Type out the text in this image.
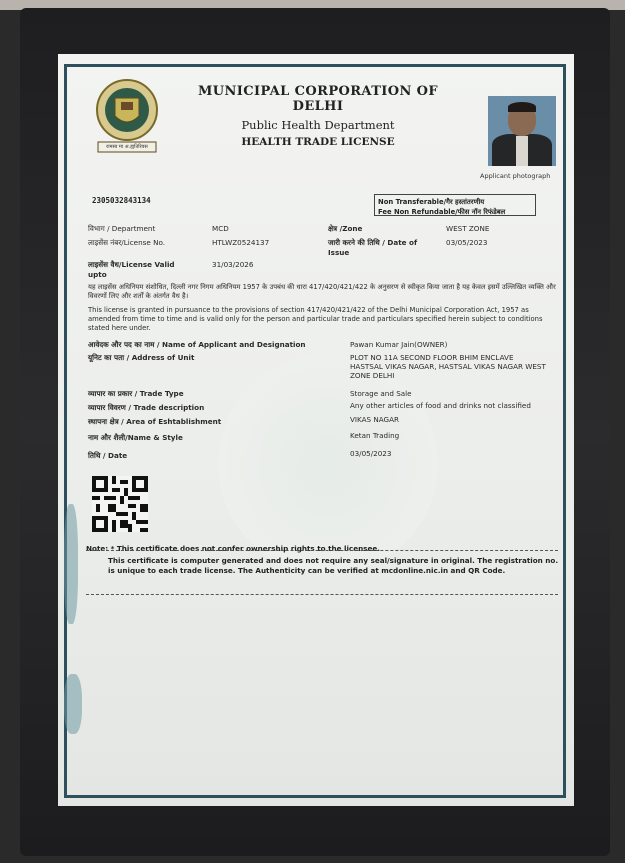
रामस्य मा अ.ह्यतिरिवस
MUNICIPAL CORPORATION OF DELHI
Public Health Department
HEALTH TRADE LICENSE
Applicant photograph
2305032843134	Non Transferable/गैर हस्तांतरणीय
Fee Non Refundable/फीस नॉन रिफंडेबल
विभाग / Department	MCD	क्षेत्र /Zone	WEST ZONE
लाइसेंस नंबर/License No.	HTLWZ0524137	जारी करने की तिथि / Date of	03/05/2023
Issue
लाइसेंस वैध/License Valid	31/03/2026
upto
यह लाइसेंस अधिनियम संशोधित, दिल्ली नगर निगम अधिनियम 1957 के उपबंध की धारा 417/420/421/422 के अनुसरण से स्वीकृत किया जाता है यह केवल इसमें उल्लिखित व्यक्ति और विवरणों लिए और शर्तों के अंतर्गत वैध है।
This license is granted in pursuance to the provisions of section 417/420/421/422 of the Delhi Municipal Corporation Act, 1957 as amended from time to time and is valid only for the person and particular trade and particulars specified herein subject to conditions stated here under.
आवेदक और पद का नाम / Name of Applicant and Designation	Pawan Kumar Jain(OWNER)
यूनिट का पता / Address of Unit	PLOT NO 11A SECOND FLOOR BHIM ENCLAVE HASTSAL VIKAS NAGAR, HASTSAL VIKAS NAGAR WEST ZONE DELHI
व्यापार का प्रकार / Trade Type	Storage and Sale
व्यापार विवरण / Trade description	Any other articles of food and drinks not classified
स्थापना क्षेत्र / Area of Eshtablishment	VIKAS NAGAR
नाम और शैली/Name & Style	Ketan Trading
तिथि / Date	03/05/2023
Note: * This certificate does not confer ownership rights to the licensee.
This certificate is computer generated and does not require any seal/signature in original. The registration no. is unique to each trade license. The Authenticity can be verified at mcdonline.nic.in and QR Code.
